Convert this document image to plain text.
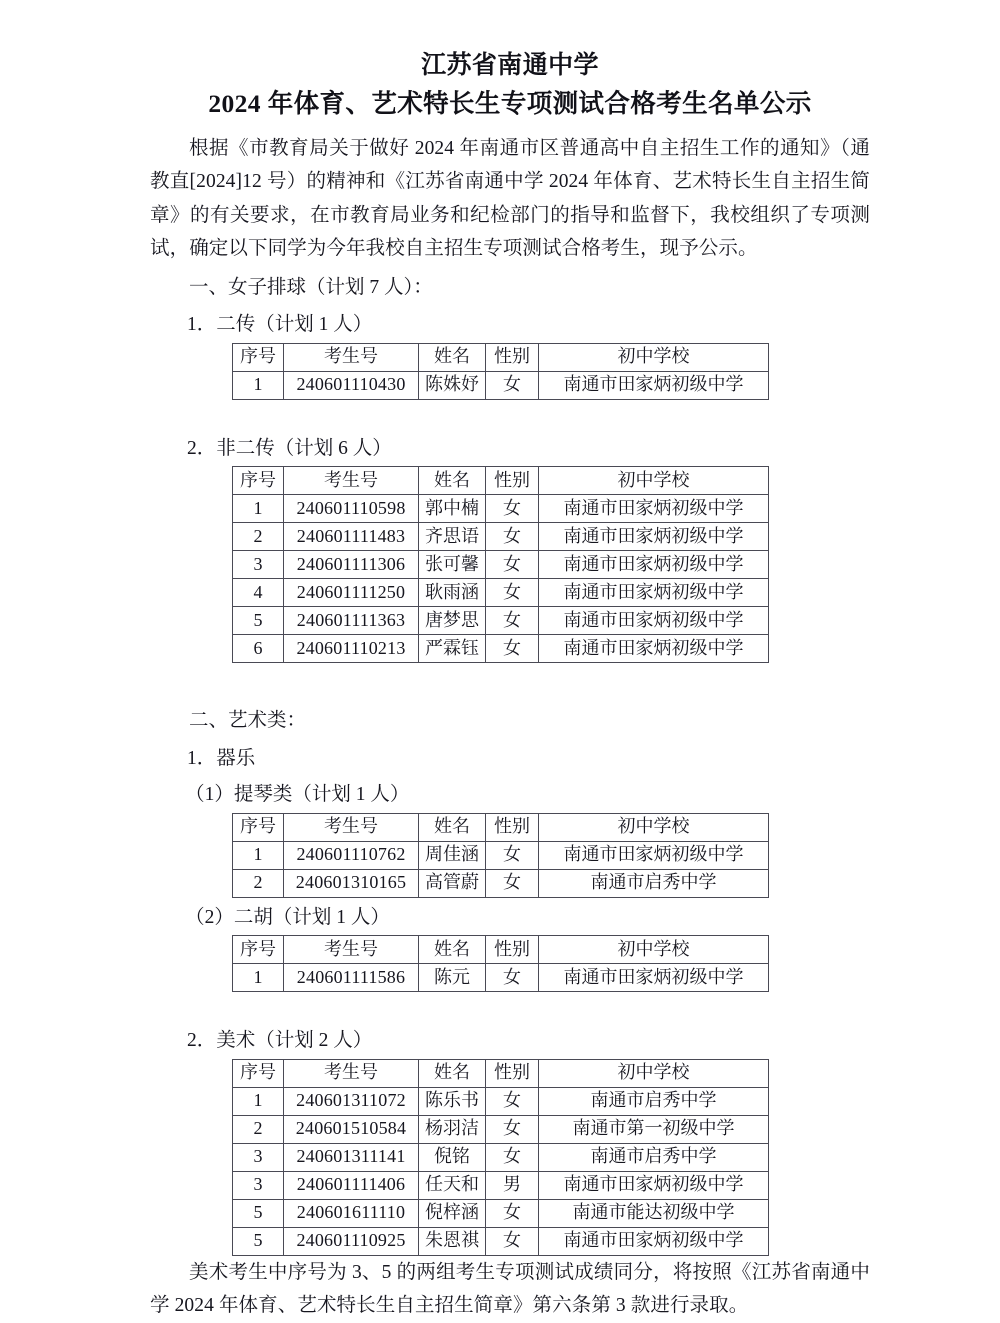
江苏省南通中学
2024 年体育、艺术特长生专项测试合格考生名单公示

根据《市教育局关于做好 2024 年南通市区普通高中自主招生工作的通知》（通教直[2024]12 号）的精神和《江苏省南通中学 2024 年体育、艺术特长生自主招生简章》的有关要求，在市教育局业务和纪检部门的指导和监督下，我校组织了专项测试，确定以下同学为今年我校自主招生专项测试合格考生，现予公示。

一、女子排球（计划 7 人）：
1．二传（计划 1 人）
序号	考生号	姓名	性别	初中学校
1	240601110430	陈姝妤	女	南通市田家炳初级中学
2．非二传（计划 6 人）
序号	考生号	姓名	性别	初中学校
1	240601110598	郭中楠	女	南通市田家炳初级中学
2	240601111483	齐思语	女	南通市田家炳初级中学
3	240601111306	张可馨	女	南通市田家炳初级中学
4	240601111250	耿雨涵	女	南通市田家炳初级中学
5	240601111363	唐梦思	女	南通市田家炳初级中学
6	240601110213	严霖钰	女	南通市田家炳初级中学
二、艺术类：
1．器乐
（1）提琴类（计划 1 人）
序号	考生号	姓名	性别	初中学校
1	240601110762	周佳涵	女	南通市田家炳初级中学
2	240601310165	高管蔚	女	南通市启秀中学
（2）二胡（计划 1 人）
序号	考生号	姓名	性别	初中学校
1	240601111586	陈元	女	南通市田家炳初级中学
2．美术（计划 2 人）
序号	考生号	姓名	性别	初中学校
1	240601311072	陈乐书	女	南通市启秀中学
2	240601510584	杨羽洁	女	南通市第一初级中学
3	240601311141	倪铭	女	南通市启秀中学
3	240601111406	任天和	男	南通市田家炳初级中学
5	240601611110	倪梓涵	女	南通市能达初级中学
5	240601110925	朱恩祺	女	南通市田家炳初级中学

美术考生中序号为 3、5 的两组考生专项测试成绩同分，将按照《江苏省南通中学 2024 年体育、艺术特长生自主招生简章》第六条第 3 款进行录取。
